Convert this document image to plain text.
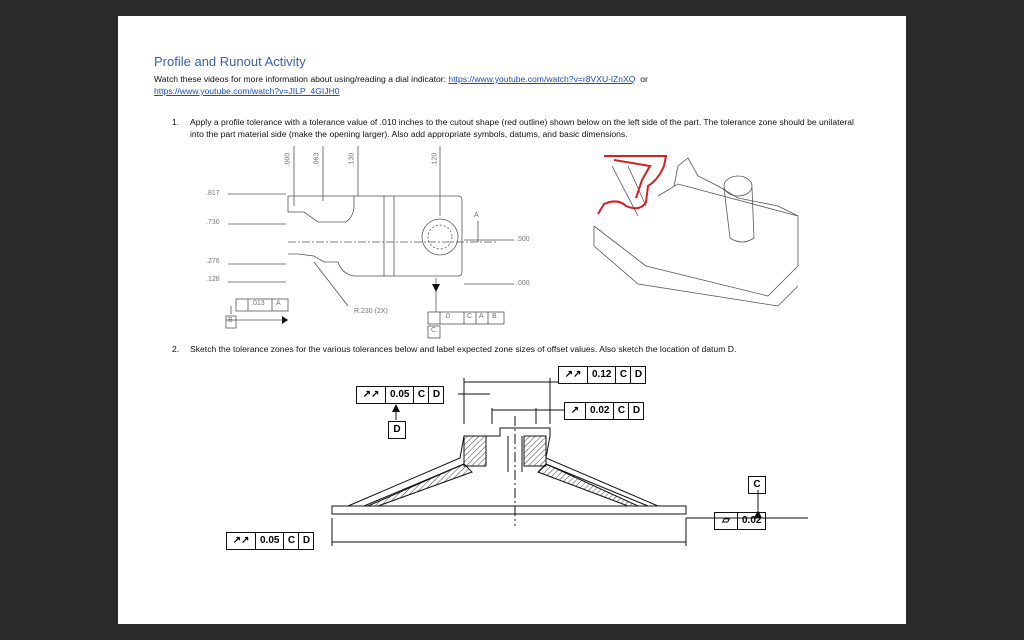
Profile and Runout Activity
Watch these videos for more information about using/reading a dial indicator: https://www.youtube.com/watch?v=r8VXU-lZnXQ or
https://www.youtube.com/watch?v=JILP_4GIJH0
1. Apply a profile tolerance with a tolerance value of .010 inches to the cutout shape (red outline) shown below on the left side of the part. The tolerance zone should be unilateral into the part material side (make the opening larger). Also add appropriate symbols, datums, and basic dimensions.
2. Sketch the tolerance zones for the various tolerances below and label expected zone sizes of offset values. Also sketch the location of datum D.
.000	.063	.130	.120
.817
.730
.276
.128
.500
.000
A
R.230 (2X)
.013 A
B
.0 C A B
C
↗↗	0.12 C D
↗↗	0.05 C D
D
↗	0.02 C D
C
▱	0.02
↗↗	0.05 C D
